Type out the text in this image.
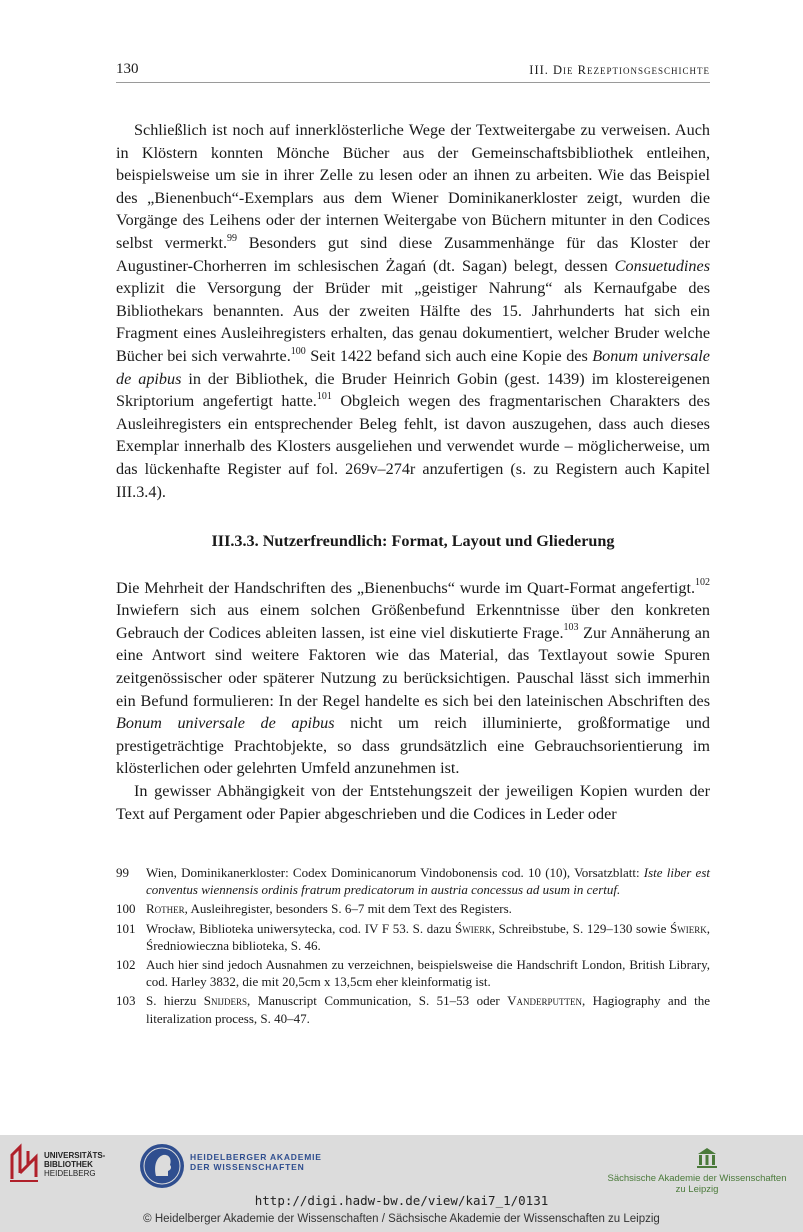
130	III. Die Rezeptionsgeschichte

Schließlich ist noch auf innerklösterliche Wege der Textweitergabe zu verweisen. Auch in Klöstern konnten Mönche Bücher aus der Gemeinschaftsbibliothek entleihen, beispielsweise um sie in ihrer Zelle zu lesen oder an ihnen zu arbeiten. Wie das Beispiel des „Bienenbuch“-Exemplars aus dem Wiener Dominikanerkloster zeigt, wurden die Vorgänge des Leihens oder der internen Weitergabe von Büchern mitunter in den Codices selbst vermerkt.$^{99}$ Besonders gut sind diese Zusammenhänge für das Kloster der Augustiner-Chorherren im schlesischen Żagań (dt. Sagan) belegt, dessen Consuetudines explizit die Versorgung der Brüder mit „geistiger Nahrung“ als Kernaufgabe des Bibliothekars benannten. Aus der zweiten Hälfte des 15. Jahrhunderts hat sich ein Fragment eines Ausleihregisters erhalten, das genau dokumentiert, welcher Bruder welche Bücher bei sich verwahrte.$^{100}$ Seit 1422 befand sich auch eine Kopie des Bonum universale de apibus in der Bibliothek, die Bruder Heinrich Gobin (gest. 1439) im klostereigenen Skriptorium angefertigt hatte.$^{101}$ Obgleich wegen des fragmentarischen Charakters des Ausleihregisters ein entsprechender Beleg fehlt, ist davon auszugehen, dass auch dieses Exemplar innerhalb des Klosters ausgeliehen und verwendet wurde – möglicherweise, um das lückenhafte Register auf fol. 269v–274r anzufertigen (s. zu Registern auch Kapitel III.3.4).

III.3.3. Nutzerfreundlich: Format, Layout und Gliederung

Die Mehrheit der Handschriften des „Bienenbuchs“ wurde im Quart-Format angefertigt.$^{102}$ Inwiefern sich aus einem solchen Größenbefund Erkenntnisse über den konkreten Gebrauch der Codices ableiten lassen, ist eine viel diskutierte Frage.$^{103}$ Zur Annäherung an eine Antwort sind weitere Faktoren wie das Material, das Textlayout sowie Spuren zeitgenössischer oder späterer Nutzung zu berücksichtigen. Pauschal lässt sich immerhin ein Befund formulieren: In der Regel handelte es sich bei den lateinischen Abschriften des Bonum universale de apibus nicht um reich illuminierte, großformatige und prestigeträchtige Prachtobjekte, so dass grundsätzlich eine Gebrauchsorientierung im klösterlichen oder gelehrten Umfeld anzunehmen ist.

In gewisser Abhängigkeit von der Entstehungszeit der jeweiligen Kopien wurden der Text auf Pergament oder Papier abgeschrieben und die Codices in Leder oder

99	Wien, Dominikanerkloster: Codex Dominicanorum Vindobonensis cod. 10 (10), Vorsatzblatt: Iste liber est conventus wiennensis ordinis fratrum predicatorum in austria concessus ad usum in certuf.
100 Rother, Ausleihregister, besonders S. 6–7 mit dem Text des Registers.
101 Wrocław, Biblioteka uniwersytecka, cod. IV F 53. S. dazu Świerk, Schreibstube, S. 129–130 sowie Świerk, Średniowieczna biblioteka, S. 46.
102 Auch hier sind jedoch Ausnahmen zu verzeichnen, beispielsweise die Handschrift London, British Library, cod. Harley 3832, die mit 20,5cm x 13,5cm eher kleinformatig ist.
103 S. hierzu Snijders, Manuscript Communication, S. 51–53 oder Vanderputten, Hagiography and the literalization process, S. 40–47.
UNIVERSITÄTS-
BIBLIOTHEK
HEIDELBERG
HEIDELBERGER AKADEMIE
DER WISSENSCHAFTEN
Sächsische Akademie der Wissenschaften
zu Leipzig
http://digi.hadw-bw.de/view/kai7_1/0131
© Heidelberger Akademie der Wissenschaften / Sächsische Akademie der Wissenschaften zu Leipzig
